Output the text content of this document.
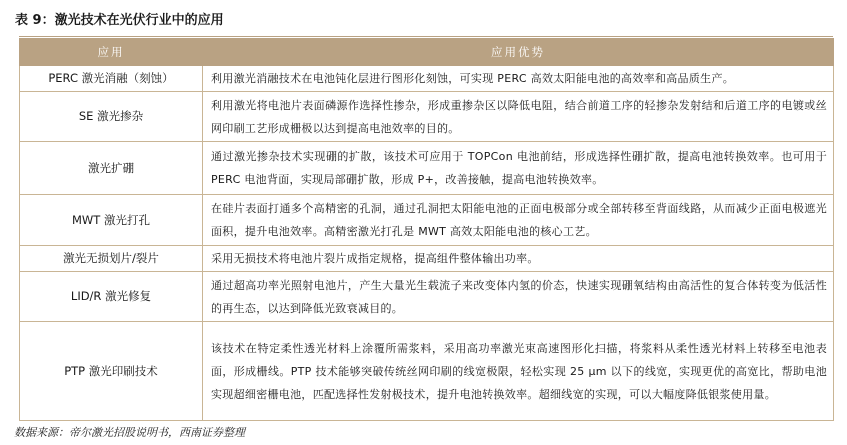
表 9：激光技术在光伏行业中的应用
应用	应用优势
PERC 激光消融（刻蚀）	利用激光消融技术在电池钝化层进行图形化刻蚀，可实现 PERC 高效太阳能电池的高效率和高品质生产。
SE 激光掺杂	利用激光将电池片表面磷源作选择性掺杂，形成重掺杂区以降低电阻，结合前道工序的轻掺杂发射结和后道工序的电镀或丝网印刷工艺形成栅极以达到提高电池效率的目的。
激光扩硼	通过激光掺杂技术实现硼的扩散，该技术可应用于 TOPCon 电池前结，形成选择性硼扩散，提高电池转换效率。也可用于 PERC 电池背面，实现局部硼扩散，形成 P+，改善接触，提高电池转换效率。
MWT 激光打孔	在硅片表面打通多个高精密的孔洞，通过孔洞把太阳能电池的正面电极部分或全部转移至背面线路，从而减少正面电极遮光面积，提升电池效率。高精密激光打孔是 MWT 高效太阳能电池的核心工艺。
激光无损划片/裂片	采用无损技术将电池片裂片成指定规格，提高组件整体输出功率。
LID/R 激光修复	通过超高功率光照射电池片，产生大量光生载流子来改变体内氢的价态，快速实现硼氧结构由高活性的复合体转变为低活性的再生态，以达到降低光致衰减目的。
PTP 激光印刷技术	该技术在特定柔性透光材料上涂覆所需浆料，采用高功率激光束高速图形化扫描，将浆料从柔性透光材料上转移至电池表面，形成栅线。PTP 技术能够突破传统丝网印刷的线宽极限，轻松实现 25 μm 以下的线宽，实现更优的高宽比，帮助电池实现超细密栅电池，匹配选择性发射极技术，提升电池转换效率。超细线宽的实现，可以大幅度降低银浆使用量。
数据来源：帝尔激光招股说明书，西南证券整理
